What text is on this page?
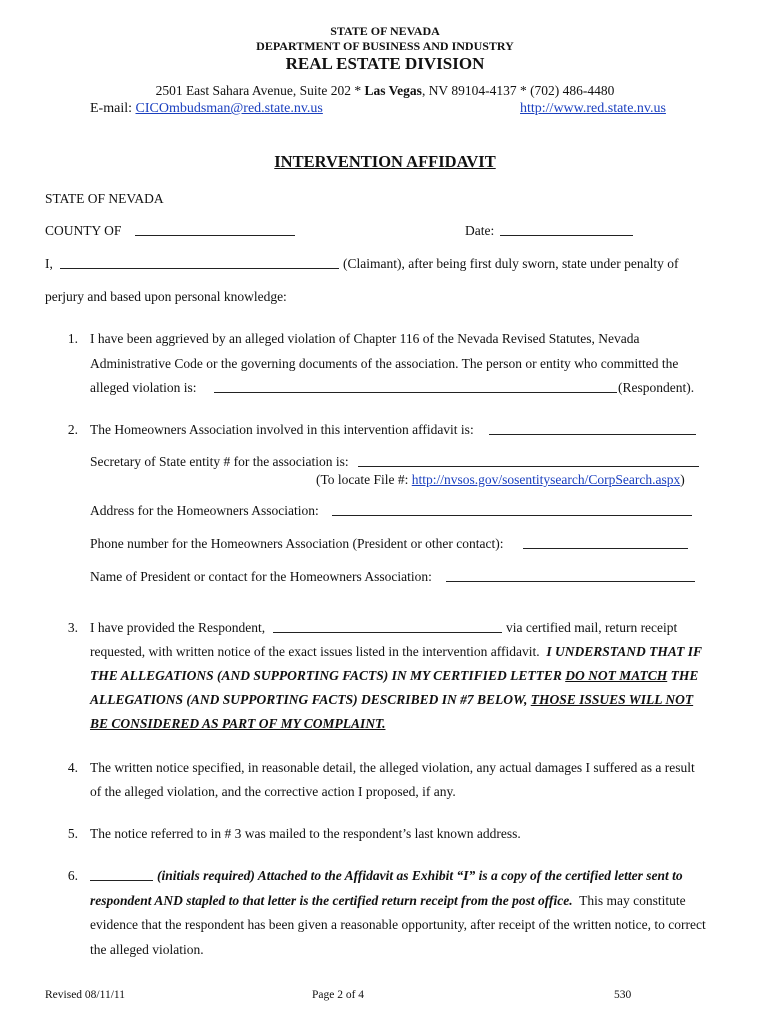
STATE OF NEVADA
DEPARTMENT OF BUSINESS AND INDUSTRY
REAL ESTATE DIVISION
2501 East Sahara Avenue, Suite 202 * Las Vegas, NV 89104-4137 * (702) 486-4480
E-mail: CICOmbudsman@red.state.nv.us	http://www.red.state.nv.us
INTERVENTION AFFIDAVIT
STATE OF NEVADA
COUNTY OF	Date:
I,	(Claimant), after being first duly sworn, state under penalty of
perjury and based upon personal knowledge:
1. I have been aggrieved by an alleged violation of Chapter 116 of the Nevada Revised Statutes, Nevada
Administrative Code or the governing documents of the association. The person or entity who committed the
alleged violation is:	(Respondent).
2. The Homeowners Association involved in this intervention affidavit is:
Secretary of State entity # for the association is:
(To locate File #: http://nvsos.gov/sosentitysearch/CorpSearch.aspx)
Address for the Homeowners Association:
Phone number for the Homeowners Association (President or other contact):
Name of President or contact for the Homeowners Association:
3. I have provided the Respondent,	via certified mail, return receipt
requested, with written notice of the exact issues listed in the intervention affidavit. I UNDERSTAND THAT IF
THE ALLEGATIONS (AND SUPPORTING FACTS) IN MY CERTIFIED LETTER DO NOT MATCH THE
ALLEGATIONS (AND SUPPORTING FACTS) DESCRIBED IN #7 BELOW, THOSE ISSUES WILL NOT
BE CONSIDERED AS PART OF MY COMPLAINT.
4. The written notice specified, in reasonable detail, the alleged violation, any actual damages I suffered as a result
of the alleged violation, and the corrective action I proposed, if any.
5. The notice referred to in # 3 was mailed to the respondent’s last known address.
6.	(initials required) Attached to the Affidavit as Exhibit “I” is a copy of the certified letter sent to
respondent AND stapled to that letter is the certified return receipt from the post office. This may constitute
evidence that the respondent has been given a reasonable opportunity, after receipt of the written notice, to correct
the alleged violation.
Revised 08/11/11	Page 2 of 4	530
